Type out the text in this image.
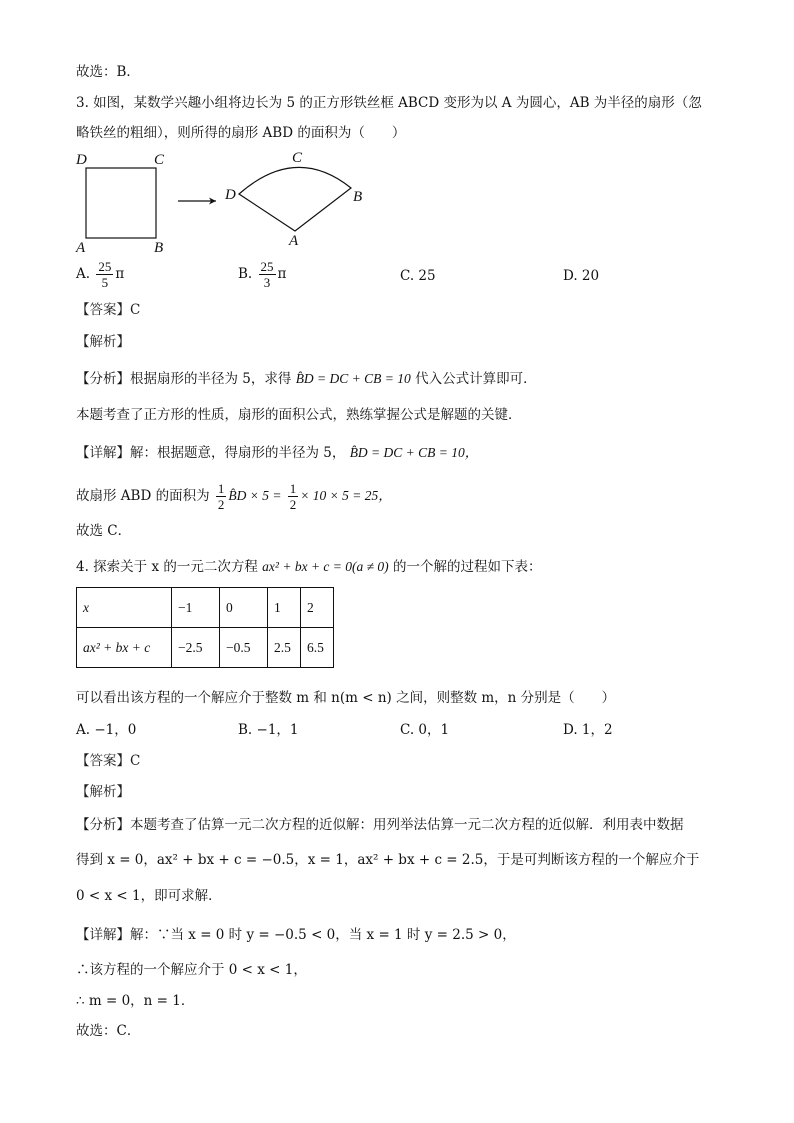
故选：B．
3. 如图，某数学兴趣小组将边长为 5 的正方形铁丝框 ABCD 变形为以 A 为圆心，AB 为半径的扇形（忽
略铁丝的粗细），则所得的扇形 ABD 的面积为（　　）
D	C
A	B
D
C
B
A
A. $\frac{25}{5}$ π	B. $\frac{25}{3}$ π	C. 25	D. 20
【答案】C
【解析】
【分析】根据扇形的半径为 5，求得 B̂D = DC + CB = 10 代入公式计算即可．
本题考查了正方形的性质，扇形的面积公式，熟练掌握公式是解题的关键．
【详解】解：根据题意，得扇形的半径为 5， B̂D = DC + CB = 10，
故扇形 ABD 的面积为 $\frac{1}{2}$ B̂D × $5 = \frac{1}{2} \times 10 \times 5 = 25$，
故选 C．
4. 探索关于 x 的一元二次方程 ax² + bx + c = 0(a ≠ 0) 的一个解的过程如下表：
x	−1	0	1	2
ax² + bx + c	−2.5	−0.5	2.5	6.5
可以看出该方程的一个解应介于整数 m 和 n(m < n) 之间，则整数 m，n 分别是（　　）
A. −1，0	B. −1，1	C. 0，1	D. 1，2
【答案】C
【解析】
【分析】本题考查了估算一元二次方程的近似解：用列举法估算一元二次方程的近似解．利用表中数据
得到 x = 0，ax² + bx + c = −0.5，x = 1，ax² + bx + c = 2.5，于是可判断该方程的一个解应介于
0 < x < 1，即可求解．
【详解】解：∵当 x = 0 时 y = −0.5 < 0，当 x = 1 时 y = 2.5 > 0，
∴该方程的一个解应介于 0 < x < 1，
∴ m = 0，n = 1．
故选：C．
